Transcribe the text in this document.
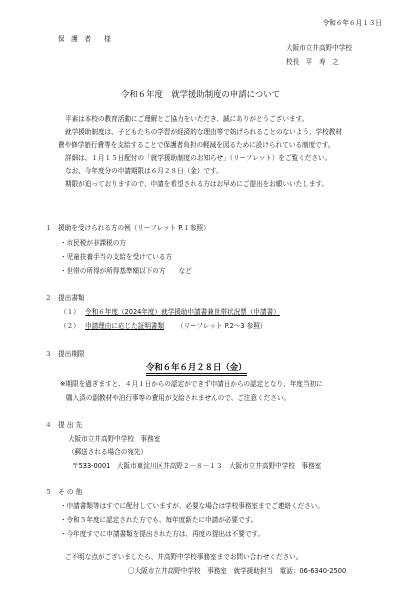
令和６年６月１３日
保　護　者　　様
大阪市立井高野中学校
校長　平　寿　之
令和６年度　就学援助制度の申請について
平素は本校の教育活動にご理解とご協力をいただき、誠にありがとうございます。
就学援助制度は、子どもたちの学習が経済的な理由等で妨げられることのないよう、学校教材
費や修学旅行費等を支給することで保護者負担の軽減を図るために設けられている制度です。
詳細は、１月１５日配付の「就学援助制度のお知らせ」（リーフレット）をご覧ください。
なお、今年度分の申請期限は６月２８日（金）です。
期限が迫っておりますので、申請を希望される方はお早めにご提出をお願いいたします。
１　援助を受けられる方の例（リーフレット P.１参照）
・市民税が非課税の方
・児童扶養手当の支給を受けている方
・世帯の所得が所得基準額以下の方　　など
２　提出書類
（１） 令和６年度（2024年度）就学援助申請書兼世帯状況票（申請書）
（２） 申請理由に応じた証明書類 （リーフレット P.2～3 参照）
３　提出期限
令和６年６月２８日（金）
※期限を過ぎますと、４月１日からの認定ができず申請日からの認定となり、年度当初に
購入済の副教材や泊行事等の費用が支給されませんので、ご注意ください。
４　提 出 先
大阪市立井高野中学校　事務室
（郵送される場合の宛先）
〒533-0001　大阪市東淀川区井高野２－８－１３　大阪市立井高野中学校　事務室
５　そ の 他
・申請書類等はすでに配付していますが、必要な場合は学校事務室までご連絡ください。
・令和５年度に認定された方でも、毎年度新たに申請が必要です。
・今年度すでに申請書類を提出された方は、再度の提出は不要です。
ご不明な点がございましたら、井高野中学校事務室までお問い合わせください。
〇大阪市立井高野中学校　事務室　就学援助担当　電話：06-6340-2500
